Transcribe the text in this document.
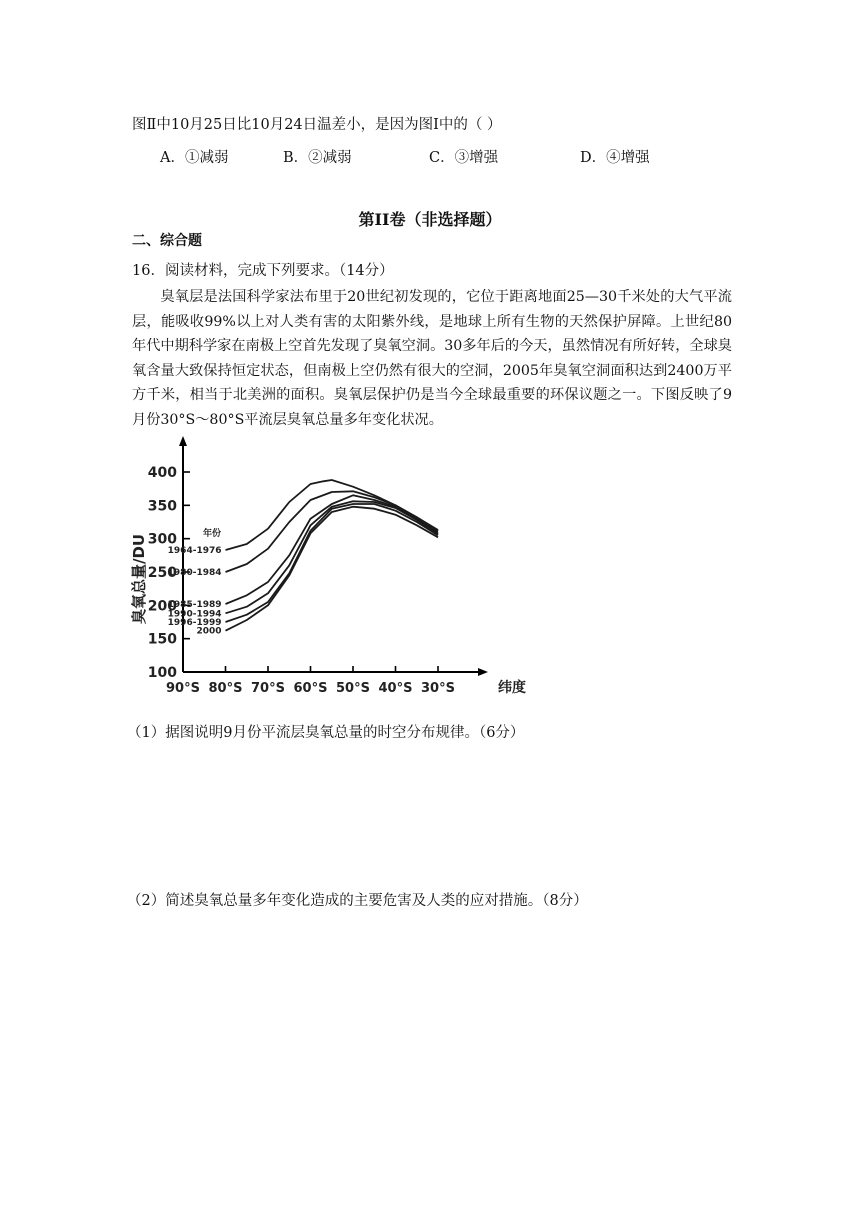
图Ⅱ中10月25日比10月24日温差小，是因为图Ⅰ中的（ ）
A．①减弱	B．②减弱	C．③增强	D．④增强
第II卷（非选择题）
二、综合题
16．阅读材料，完成下列要求。（14分）

臭氧层是法国科学家法布里于20世纪初发现的，它位于距离地面25—30千米处的大气平流层，能吸收99%以上对人类有害的太阳紫外线，是地球上所有生物的天然保护屏障。上世纪80年代中期科学家在南极上空首先发现了臭氧空洞。30多年后的今天，虽然情况有所好转，全球臭氧含量大致保持恒定状态，但南极上空仍然有很大的空洞，2005年臭氧空洞面积达到2400万平方千米，相当于北美洲的面积。臭氧层保护仍是当今全球最重要的环保议题之一。下图反映了9月份30°S～80°S平流层臭氧总量多年变化状况。

100
150
200
250
300
350
400
90°S 80°S 70°S 60°S 50°S 40°S 30°S	纬度
臭氧总量/DU	年份
1964-1976
1980-1984
1985-1989
1990-1994
1996-1999
2000
（1）据图说明9月份平流层臭氧总量的时空分布规律。（6分）
（2）简述臭氧总量多年变化造成的主要危害及人类的应对措施。（8分）
